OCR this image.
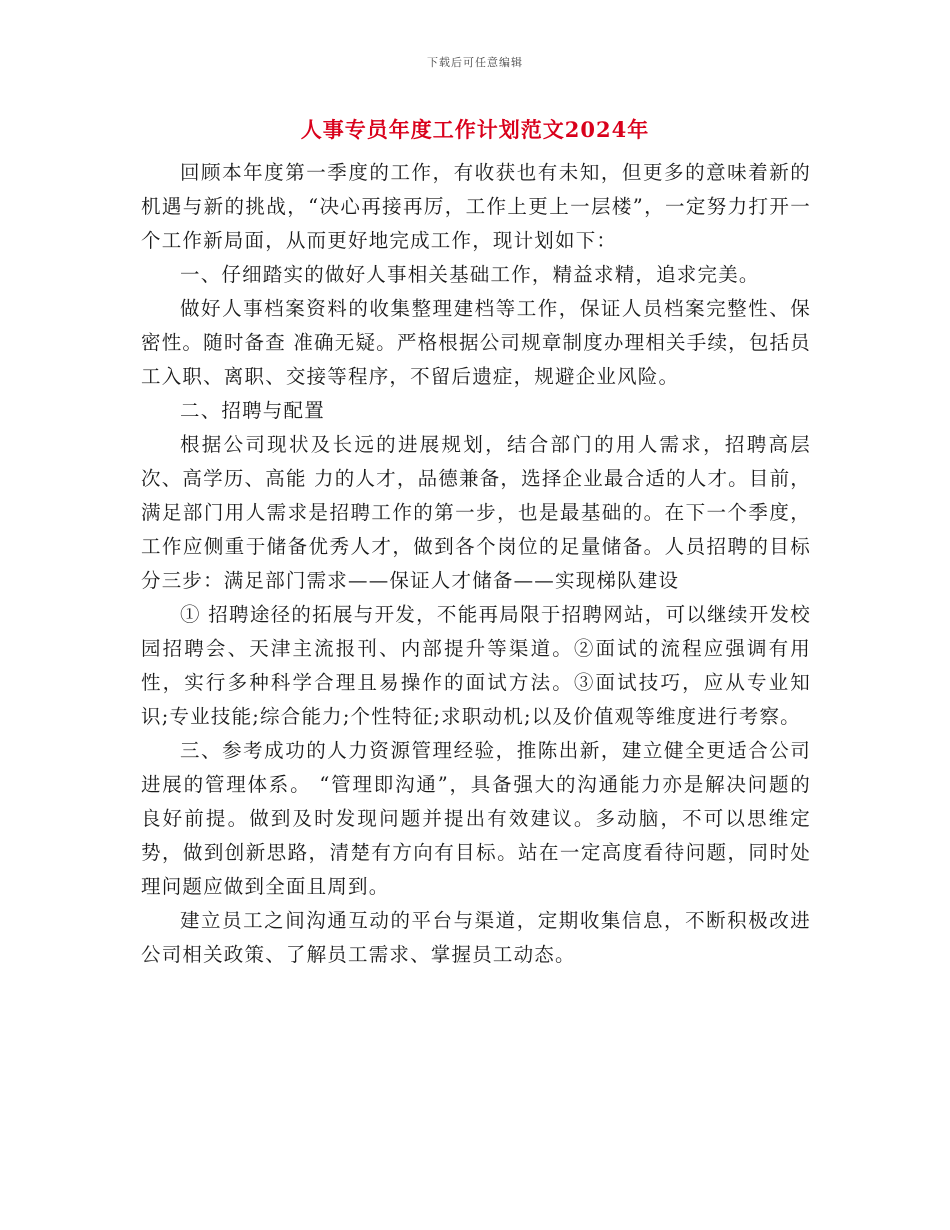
下载后可任意编辑
人事专员年度工作计划范文2024年

回顾本年度第一季度的工作，有收获也有未知，但更多的意味着新的机遇与新的挑战，“决心再接再厉，工作上更上一层楼”，一定努力打开一个工作新局面，从而更好地完成工作，现计划如下：

一、仔细踏实的做好人事相关基础工作，精益求精，追求完美。

做好人事档案资料的收集整理建档等工作，保证人员档案完整性、保密性。随时备查 准确无疑。严格根据公司规章制度办理相关手续，包括员工入职、离职、交接等程序，不留后遗症，规避企业风险。

二、招聘与配置

根据公司现状及长远的进展规划，结合部门的用人需求，招聘高层次、高学历、高能 力的人才，品德兼备，选择企业最合适的人才。目前，满足部门用人需求是招聘工作的第一步，也是最基础的。在下一个季度，工作应侧重于储备优秀人才，做到各个岗位的足量储备。人员招聘的目标分三步：满足部门需求——保证人才储备——实现梯队建设

① 招聘途径的拓展与开发，不能再局限于招聘网站，可以继续开发校园招聘会、天津主流报刊、内部提升等渠道。②面试的流程应强调有用性，实行多种科学合理且易操作的面试方法。③面试技巧，应从专业知识;专业技能;综合能力;个性特征;求职动机;以及价值观等维度进行考察。

三、参考成功的人力资源管理经验，推陈出新，建立健全更适合公司进展的管理体系。 “管理即沟通”，具备强大的沟通能力亦是解决问题的良好前提。做到及时发现问题并提出有效建议。多动脑，不可以思维定势，做到创新思路，清楚有方向有目标。站在一定高度看待问题，同时处理问题应做到全面且周到。

建立员工之间沟通互动的平台与渠道，定期收集信息，不断积极改进公司相关政策、了解员工需求、掌握员工动态。
